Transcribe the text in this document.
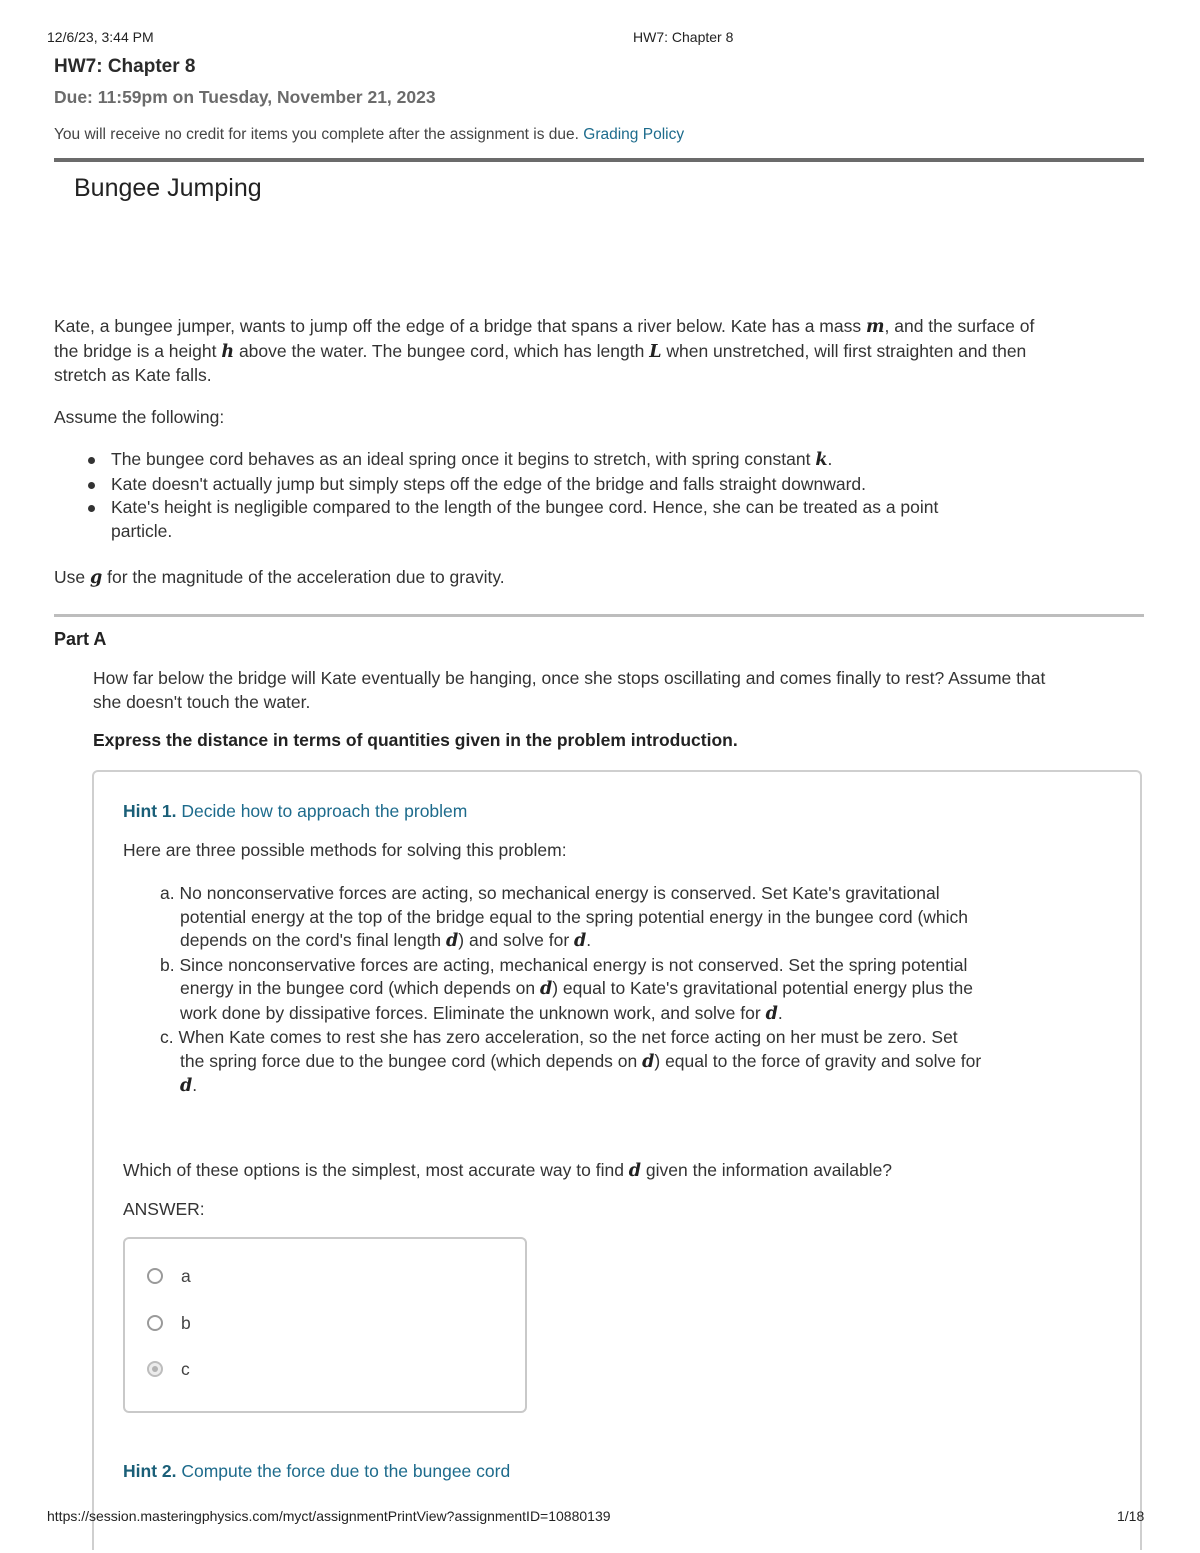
12/6/23, 3:44 PM	HW7: Chapter 8
HW7: Chapter 8
Due: 11:59pm on Tuesday, November 21, 2023
You will receive no credit for items you complete after the assignment is due. Grading Policy
Bungee Jumping
Kate, a bungee jumper, wants to jump off the edge of a bridge that spans a river below. Kate has a mass m, and the surface of
the bridge is a height h above the water. The bungee cord, which has length L when unstretched, will first straighten and then
stretch as Kate falls.
Assume the following:
The bungee cord behaves as an ideal spring once it begins to stretch, with spring constant k.
Kate doesn't actually jump but simply steps off the edge of the bridge and falls straight downward.
Kate's height is negligible compared to the length of the bungee cord. Hence, she can be treated as a point
particle.
Use g for the magnitude of the acceleration due to gravity.
Part A
How far below the bridge will Kate eventually be hanging, once she stops oscillating and comes finally to rest? Assume that
she doesn't touch the water.
Express the distance in terms of quantities given in the problem introduction.
Hint 1. Decide how to approach the problem
Here are three possible methods for solving this problem:
a. No nonconservative forces are acting, so mechanical energy is conserved. Set Kate's gravitational
potential energy at the top of the bridge equal to the spring potential energy in the bungee cord (which
depends on the cord's final length d) and solve for d.
b. Since nonconservative forces are acting, mechanical energy is not conserved. Set the spring potential
energy in the bungee cord (which depends on d) equal to Kate's gravitational potential energy plus the
work done by dissipative forces. Eliminate the unknown work, and solve for d.
c. When Kate comes to rest she has zero acceleration, so the net force acting on her must be zero. Set
the spring force due to the bungee cord (which depends on d) equal to the force of gravity and solve for
d.
Which of these options is the simplest, most accurate way to find d given the information available?
ANSWER:
a
b
c
Hint 2. Compute the force due to the bungee cord
https://session.masteringphysics.com/myct/assignmentPrintView?assignmentID=10880139	1/18
